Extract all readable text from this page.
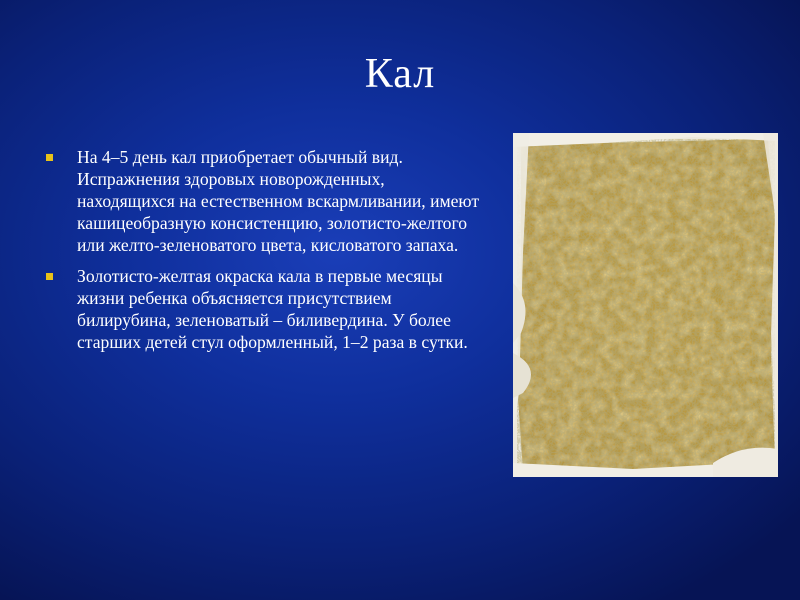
Кал
На 4–5 день кал приобретает обычный вид. Испражнения здоровых новорожденных, находящихся на естественном вскармливании, имеют кашицеобразную консистенцию, золотисто-желтого или желто-зеленоватого цвета, кисловатого запаха.
Золотисто-желтая окраска кала в первые месяцы жизни ребенка объясняется присутствием билирубина, зеленоватый – биливердина. У более старших детей стул оформленный, 1–2 раза в сутки.
